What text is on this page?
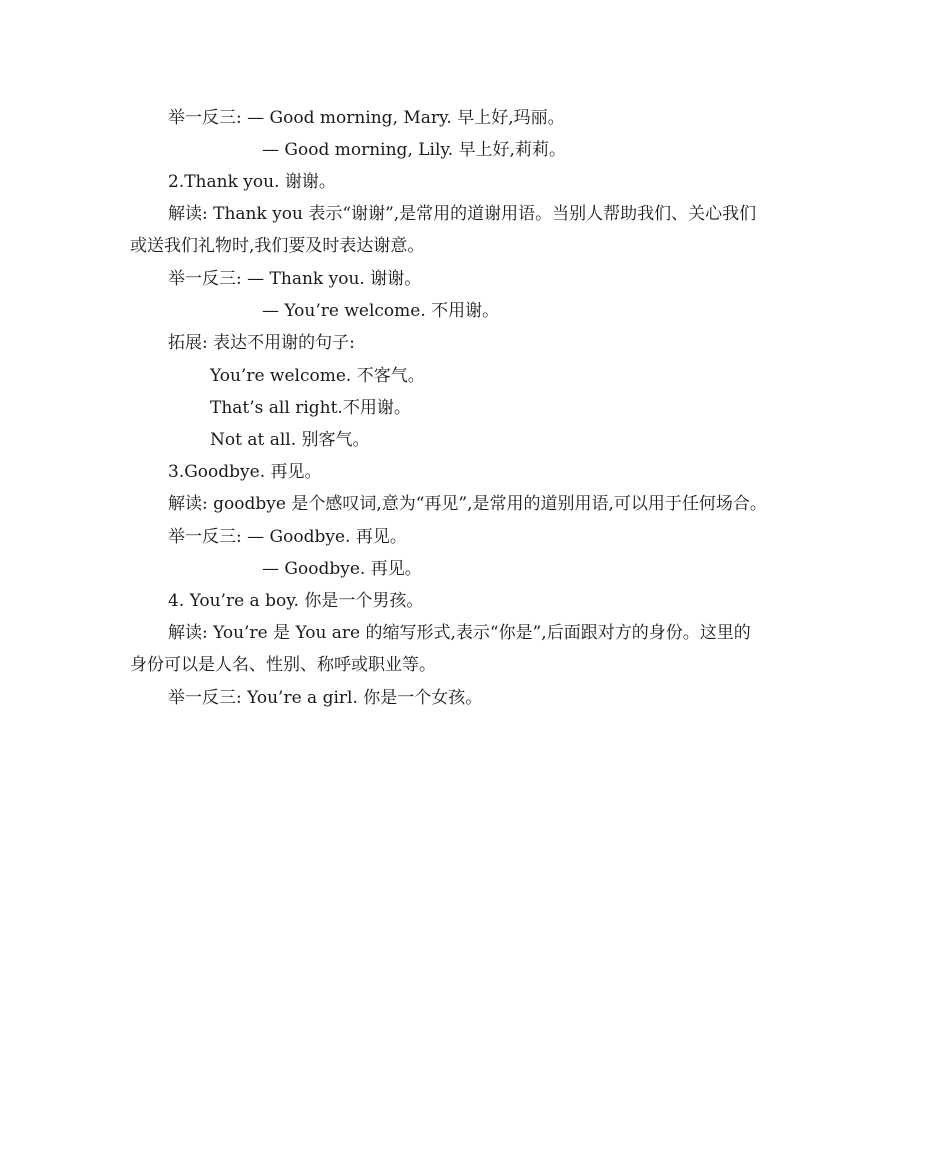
举一反三: — Good morning, Mary. 早上好,玛丽。
— Good morning, Lily. 早上好,莉莉。
2.Thank you. 谢谢。
解读: Thank you 表示“谢谢”,是常用的道谢用语。当别人帮助我们、关心我们
或送我们礼物时,我们要及时表达谢意。
举一反三: — Thank you. 谢谢。
— You’re welcome. 不用谢。
拓展: 表达不用谢的句子:
You’re welcome. 不客气。
That’s all right.不用谢。
Not at all. 别客气。
3.Goodbye. 再见。
解读: goodbye 是个感叹词,意为“再见”,是常用的道别用语,可以用于任何场合。
举一反三: — Goodbye. 再见。
— Goodbye. 再见。
4. You’re a boy. 你是一个男孩。
解读: You’re 是 You are 的缩写形式,表示“你是”,后面跟对方的身份。这里的
身份可以是人名、性别、称呼或职业等。
举一反三: You’re a girl. 你是一个女孩。
